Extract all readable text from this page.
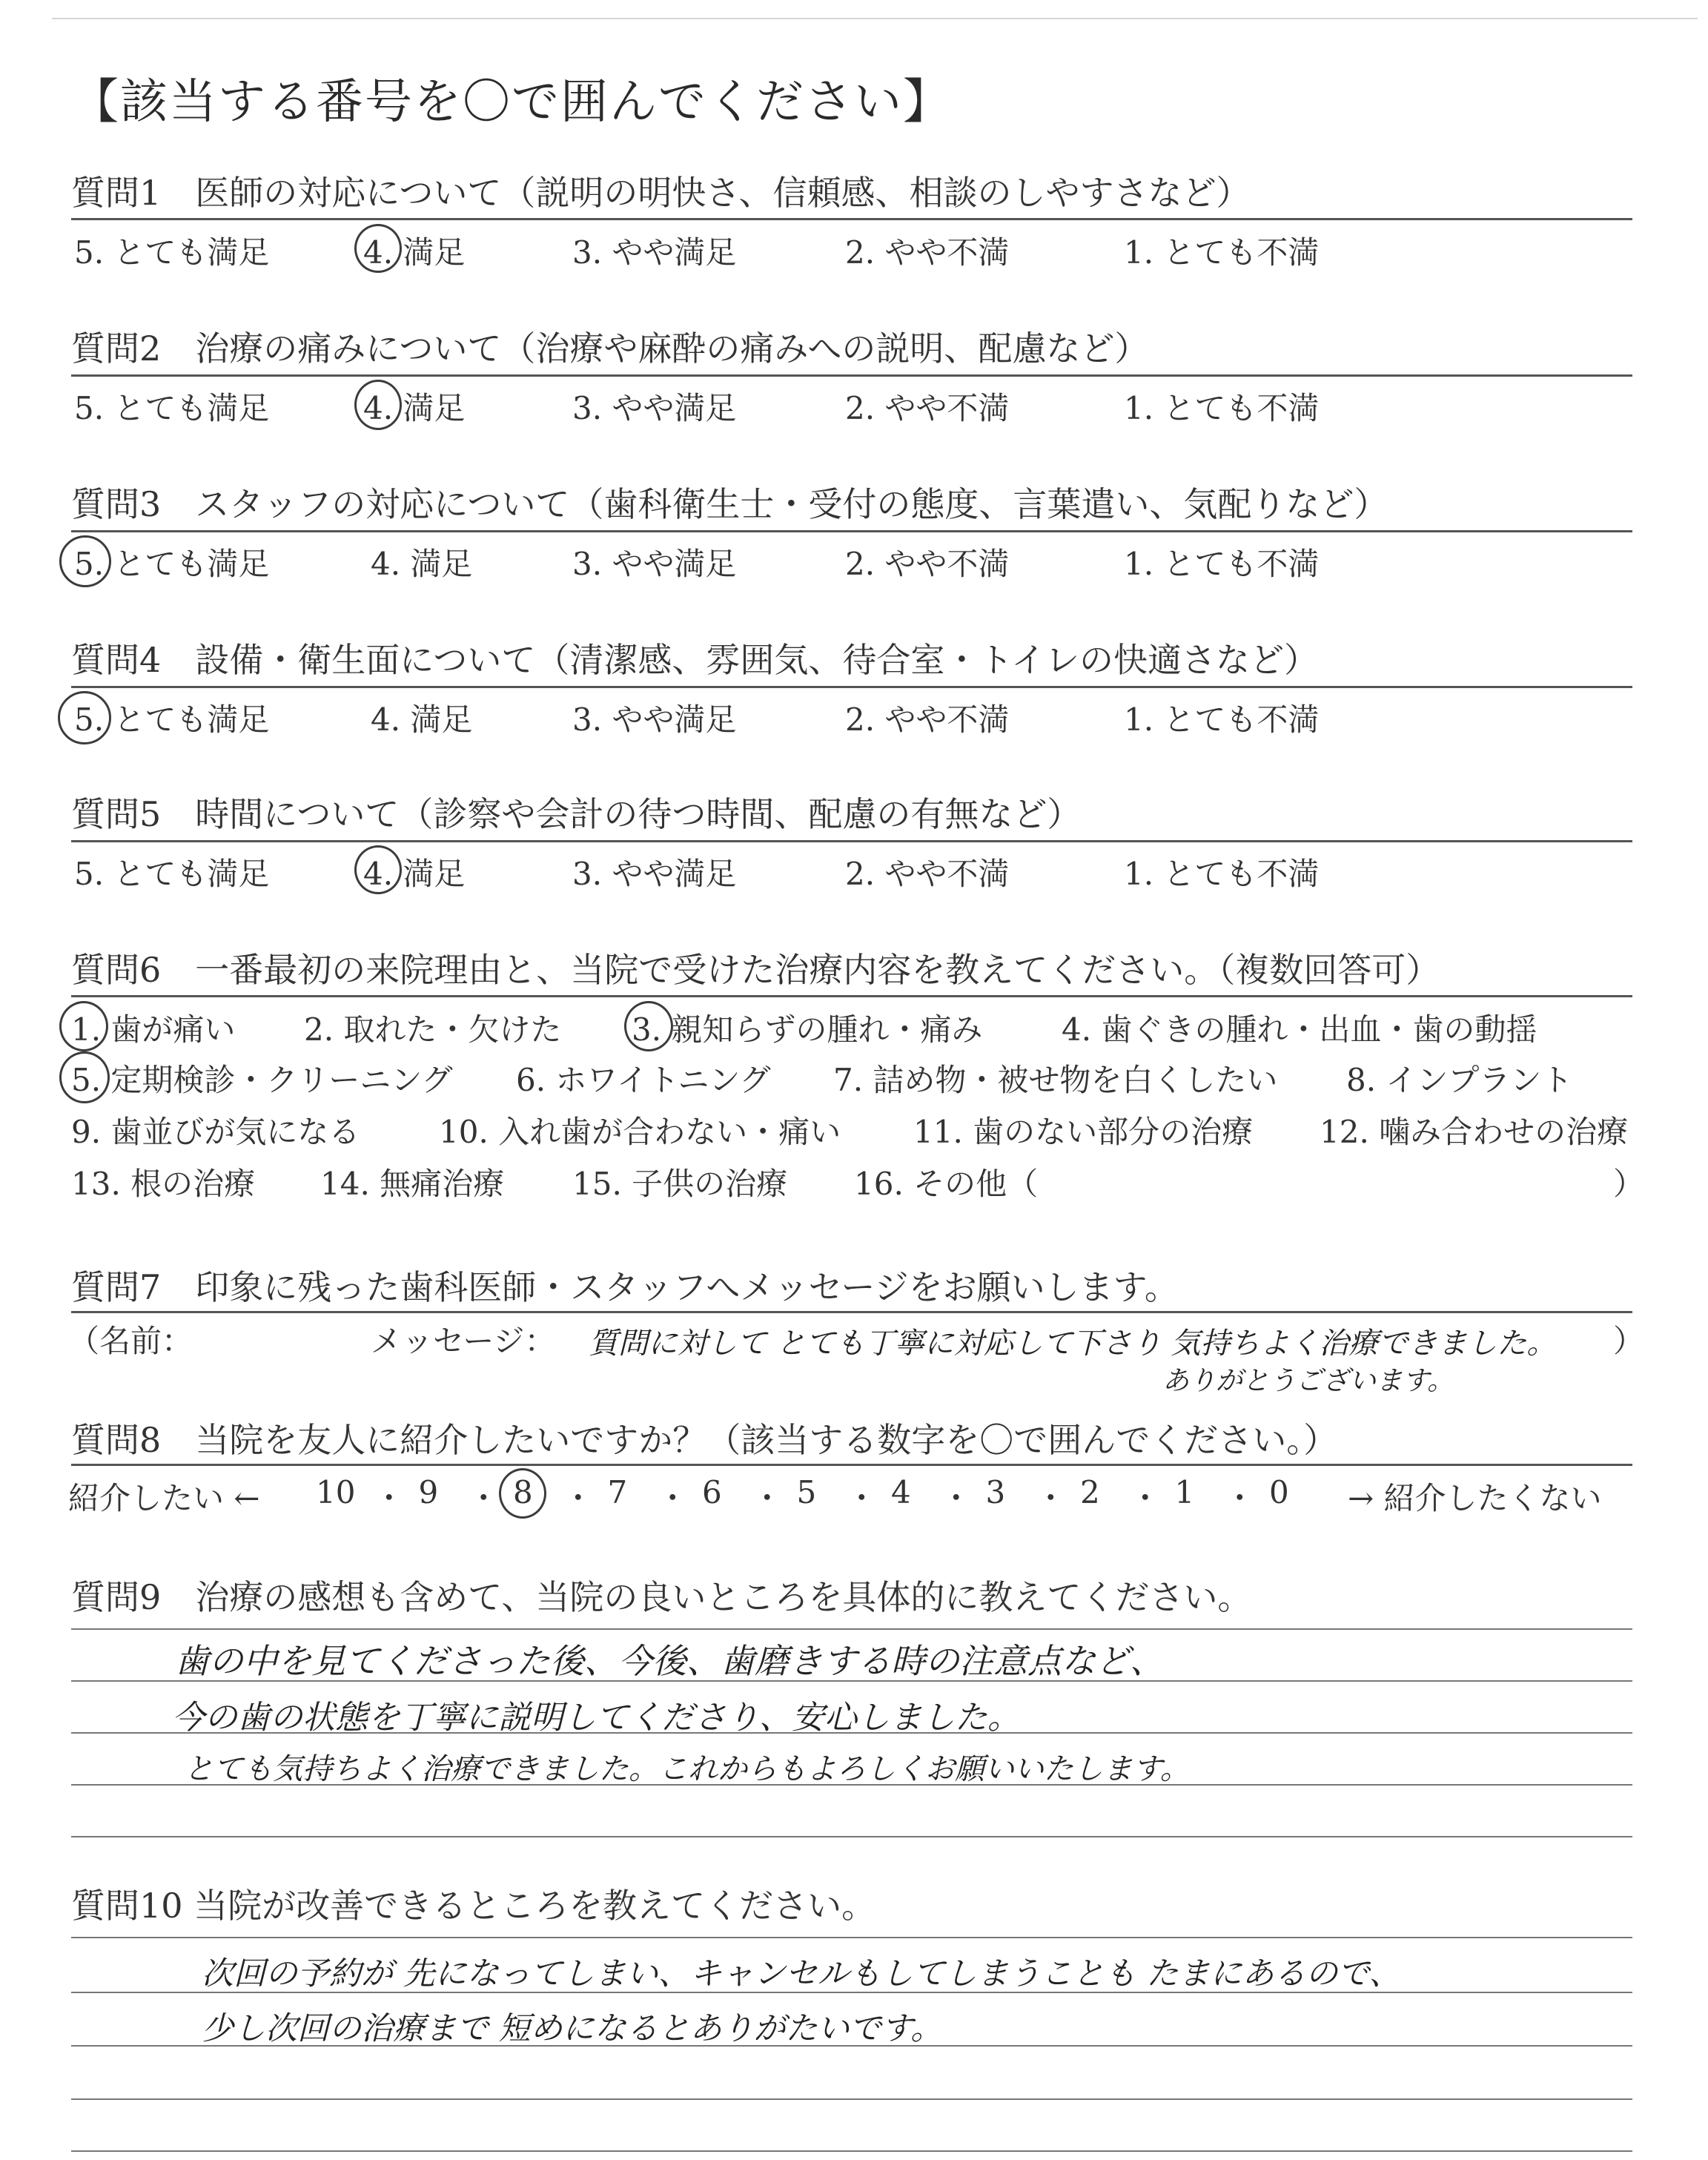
【該当する番号を〇で囲んでください】
質問1　医師の対応について（説明の明快さ、信頼感、相談のしやすさなど）
5. とても満足	4. 満足	3. やや満足	2. やや不満	1. とても不満
質問2　治療の痛みについて（治療や麻酔の痛みへの説明、配慮など）
5. とても満足	4. 満足	3. やや満足	2. やや不満	1. とても不満
質問3　スタッフの対応について（歯科衛生士・受付の態度、言葉遣い、気配りなど）
5. とても満足	4. 満足	3. やや満足	2. やや不満	1. とても不満
質問4　設備・衛生面について（清潔感、雰囲気、待合室・トイレの快適さなど）
5. とても満足	4. 満足	3. やや満足	2. やや不満	1. とても不満
質問5　時間について（診察や会計の待つ時間、配慮の有無など）
5. とても満足	4. 満足	3. やや満足	2. やや不満	1. とても不満
質問6　一番最初の来院理由と、当院で受けた治療内容を教えてください。（複数回答可）
1. 歯が痛い 2. 取れた・欠けた 3. 親知らずの腫れ・痛み	4. 歯ぐきの腫れ・出血・歯の動揺
5. 定期検診・クリーニング 6. ホワイトニング 7. 詰め物・被せ物を白くしたい 8. インプラント
9. 歯並びが気になる	10. 入れ歯が合わない・痛い 11. 歯のない部分の治療 12. 噛み合わせの治療
13. 根の治療 14. 無痛治療 15. 子供の治療 16. その他（	）
質問7　印象に残った歯科医師・スタッフへメッセージをお願いします。
（名前：	メッセージ：	）
質問に対して とても丁寧に対応して下さり 気持ちよく治療できました。
ありがとうございます。
質問8　当院を友人に紹介したいですか？（該当する数字を〇で囲んでください。）
紹介したい ←	→ 紹介したくない
10 ・ 9 ・ 8 ・ 7 ・ 6 ・ 5 ・ 4 ・ 3 ・ 2 ・ 1 ・ 0
質問9　治療の感想も含めて、当院の良いところを具体的に教えてください。
歯の中を見てくださった後、今後、歯磨きする時の注意点など、
今の歯の状態を丁寧に説明してくださり、安心しました。
とても気持ちよく治療できました。これからもよろしくお願いいたします。
質問10 当院が改善できるところを教えてください。
次回の予約が 先になってしまい、キャンセルもしてしまうことも たまにあるので、
少し次回の治療まで 短めになるとありがたいです。
